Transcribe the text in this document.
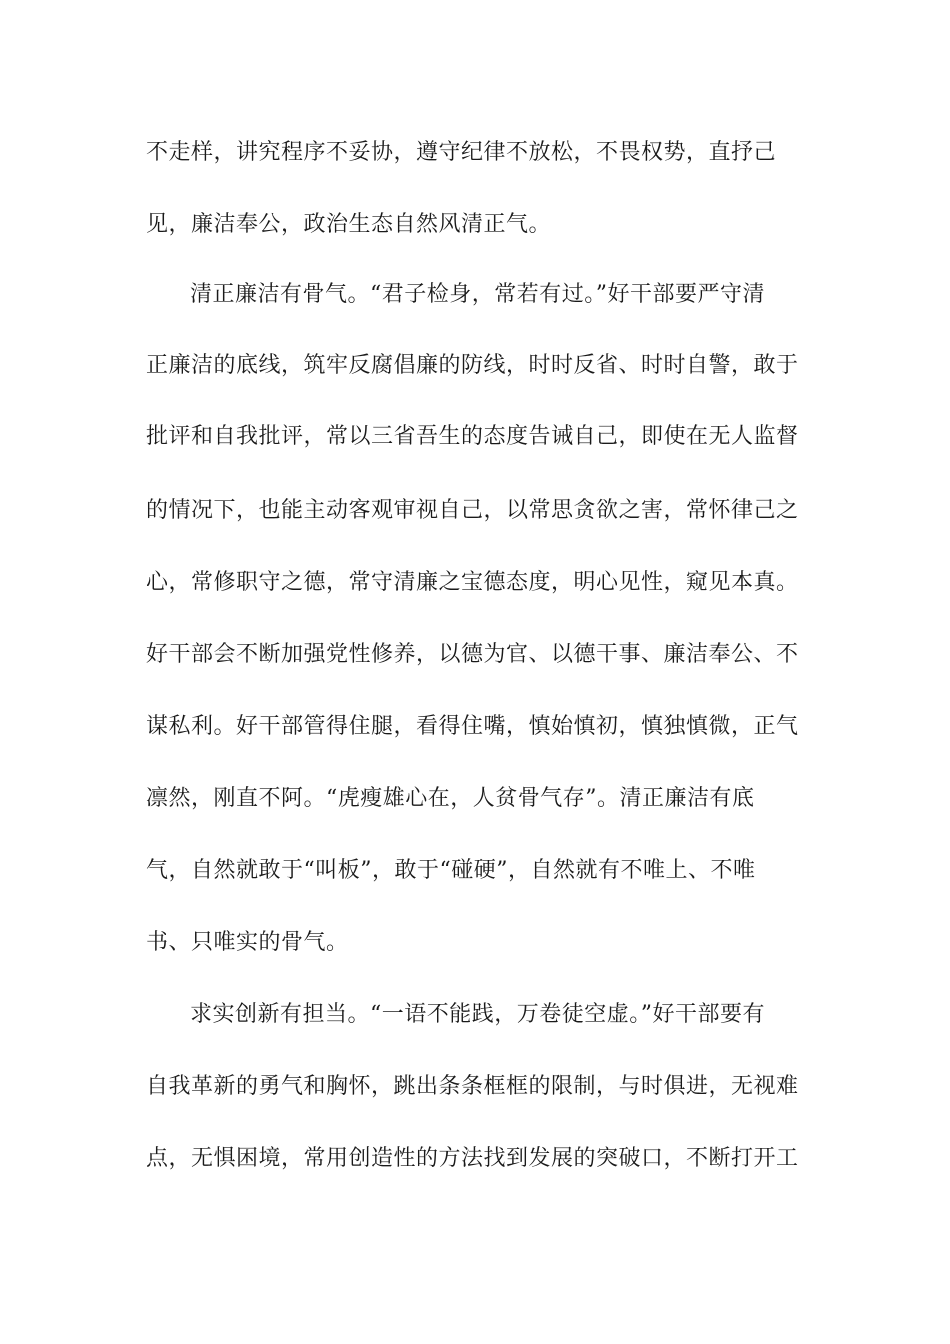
不走样，讲究程序不妥协，遵守纪律不放松，不畏权势，直抒己
见，廉洁奉公，政治生态自然风清正气。
清正廉洁有骨气。“君子检身，常若有过。”好干部要严守清
正廉洁的底线，筑牢反腐倡廉的防线，时时反省、时时自警，敢于
批评和自我批评，常以三省吾生的态度告诫自己，即使在无人监督
的情况下，也能主动客观审视自己，以常思贪欲之害，常怀律己之
心，常修职守之德，常守清廉之宝德态度，明心见性，窥见本真。
好干部会不断加强党性修养，以德为官、以德干事、廉洁奉公、不
谋私利。好干部管得住腿，看得住嘴，慎始慎初，慎独慎微，正气
凛然，刚直不阿。“虎瘦雄心在，人贫骨气存”。清正廉洁有底
气，自然就敢于“叫板”，敢于“碰硬”，自然就有不唯上、不唯
书、只唯实的骨气。
求实创新有担当。“一语不能践，万卷徒空虚。”好干部要有
自我革新的勇气和胸怀，跳出条条框框的限制，与时俱进，无视难
点，无惧困境，常用创造性的方法找到发展的突破口，不断打开工
